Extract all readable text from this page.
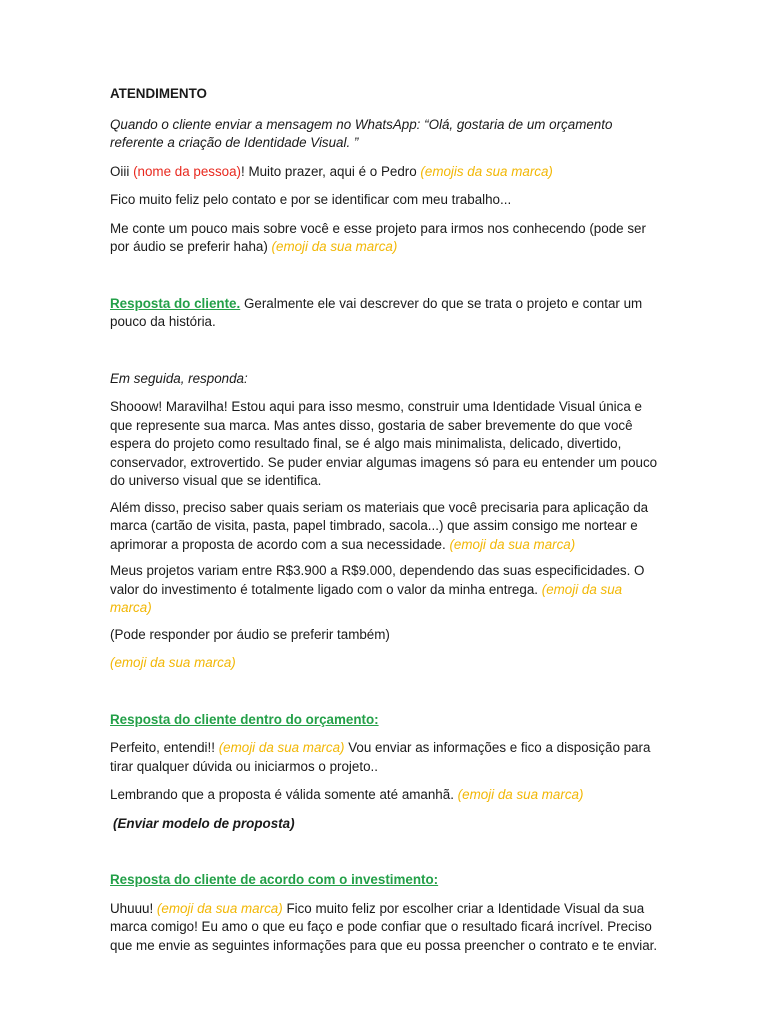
ATENDIMENTO

Quando o cliente enviar a mensagem no WhatsApp: “Olá, gostaria de um orçamento referente a criação de Identidade Visual. ”

Oiii (nome da pessoa)! Muito prazer, aqui é o Pedro (emojis da sua marca)

Fico muito feliz pelo contato e por se identificar com meu trabalho...

Me conte um pouco mais sobre você e esse projeto para irmos nos conhecendo (pode ser por áudio se preferir haha) (emoji da sua marca)

Resposta do cliente. Geralmente ele vai descrever do que se trata o projeto e contar um pouco da história.

Em seguida, responda:

Shooow! Maravilha! Estou aqui para isso mesmo, construir uma Identidade Visual única e que represente sua marca. Mas antes disso, gostaria de saber brevemente do que você espera do projeto como resultado final, se é algo mais minimalista, delicado, divertido, conservador, extrovertido. Se puder enviar algumas imagens só para eu entender um pouco do universo visual que se identifica.

Além disso, preciso saber quais seriam os materiais que você precisaria para aplicação da marca (cartão de visita, pasta, papel timbrado, sacola...) que assim consigo me nortear e aprimorar a proposta de acordo com a sua necessidade. (emoji da sua marca)

Meus projetos variam entre R$3.900 a R$9.000, dependendo das suas especificidades. O valor do investimento é totalmente ligado com o valor da minha entrega. (emoji da sua marca)

(Pode responder por áudio se preferir também)

(emoji da sua marca)

Resposta do cliente dentro do orçamento:

Perfeito, entendi!! (emoji da sua marca) Vou enviar as informações e fico a disposição para tirar qualquer dúvida ou iniciarmos o projeto..

Lembrando que a proposta é válida somente até amanhã. (emoji da sua marca)

(Enviar modelo de proposta)

Resposta do cliente de acordo com o investimento:

Uhuuu! (emoji da sua marca) Fico muito feliz por escolher criar a Identidade Visual da sua marca comigo! Eu amo o que eu faço e pode confiar que o resultado ficará incrível. Preciso que me envie as seguintes informações para que eu possa preencher o contrato e te enviar.
